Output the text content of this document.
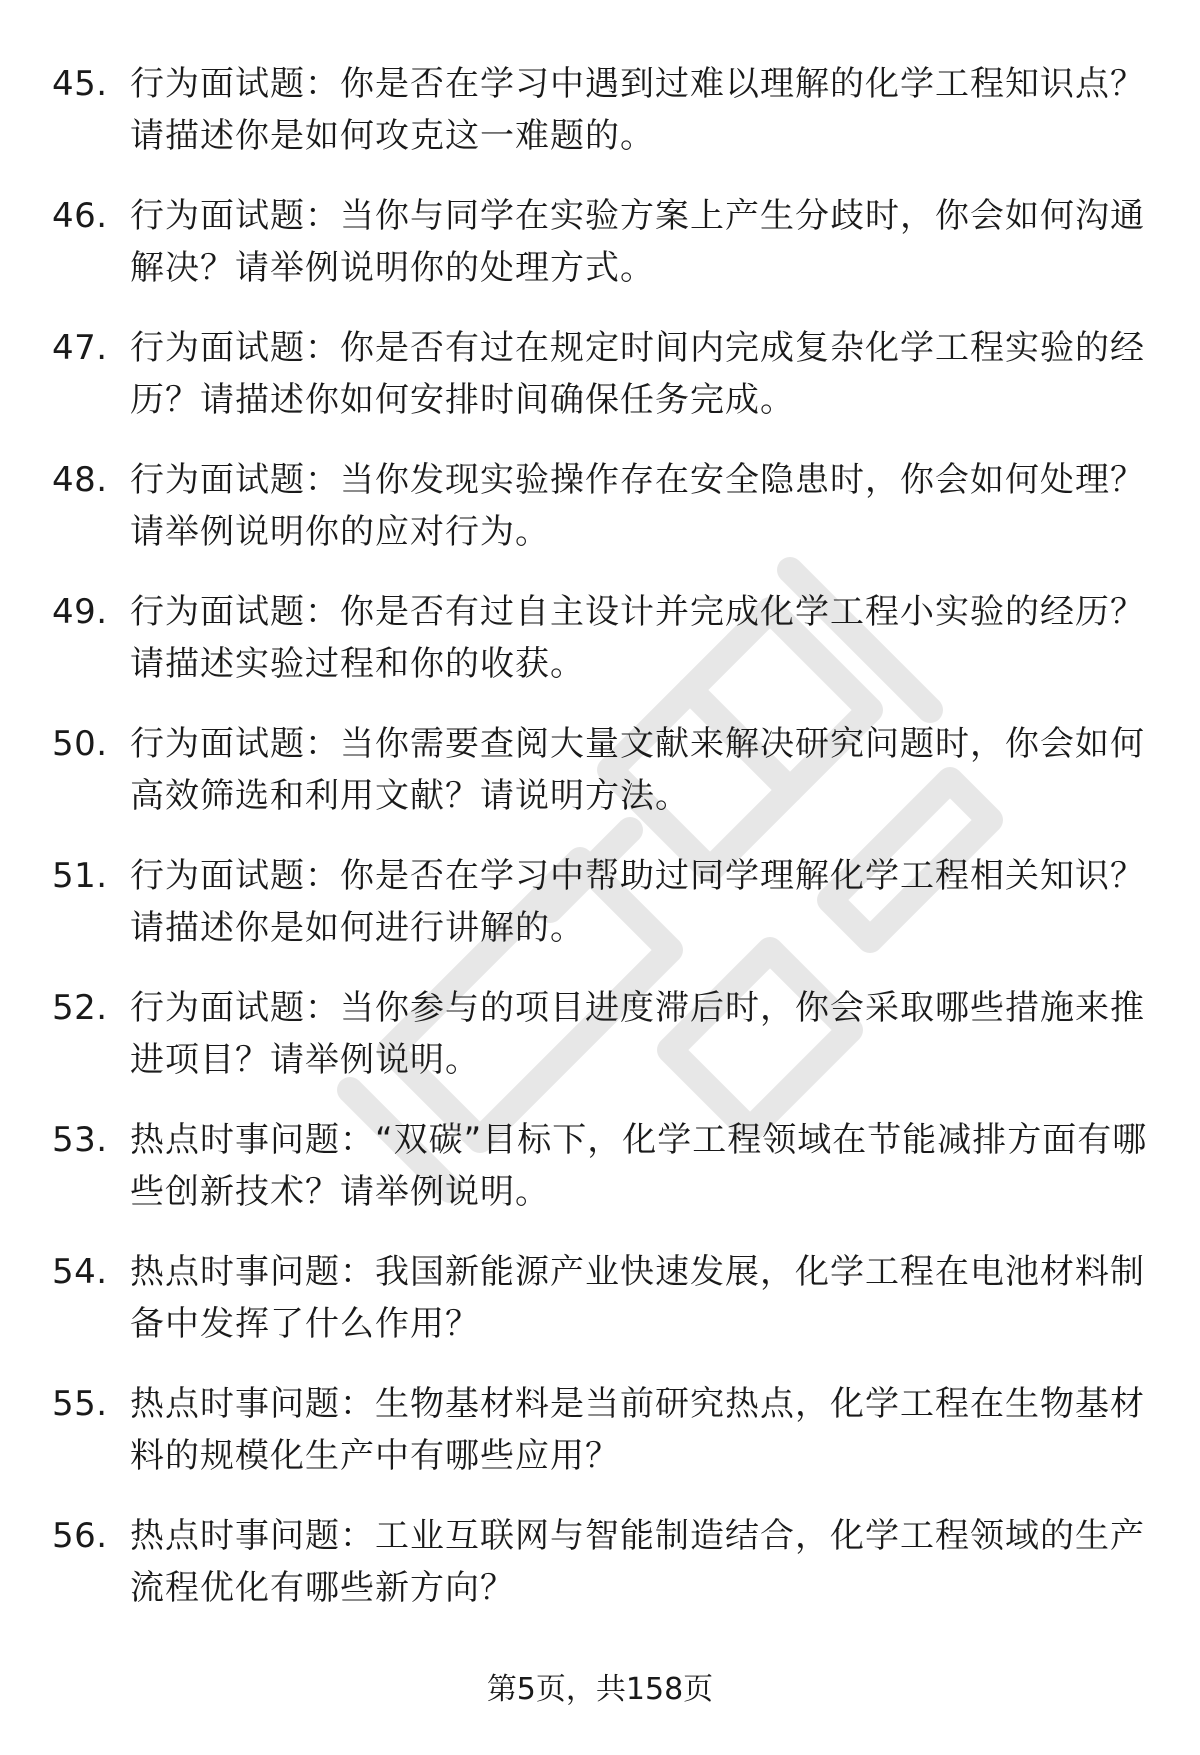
45. 行为面试题：你是否在学习中遇到过难以理解的化学工程知识点？请描述你是如何攻克这一难题的。
46. 行为面试题：当你与同学在实验方案上产生分歧时，你会如何沟通解决？请举例说明你的处理方式。
47. 行为面试题：你是否有过在规定时间内完成复杂化学工程实验的经历？请描述你如何安排时间确保任务完成。
48. 行为面试题：当你发现实验操作存在安全隐患时，你会如何处理？请举例说明你的应对行为。
49. 行为面试题：你是否有过自主设计并完成化学工程小实验的经历？请描述实验过程和你的收获。
50. 行为面试题：当你需要查阅大量文献来解决研究问题时，你会如何高效筛选和利用文献？请说明方法。
51. 行为面试题：你是否在学习中帮助过同学理解化学工程相关知识？请描述你是如何进行讲解的。
52. 行为面试题：当你参与的项目进度滞后时，你会采取哪些措施来推进项目？请举例说明。
53. 热点时事问题：“双碳”目标下，化学工程领域在节能减排方面有哪些创新技术？请举例说明。
54. 热点时事问题：我国新能源产业快速发展，化学工程在电池材料制备中发挥了什么作用？
55. 热点时事问题：生物基材料是当前研究热点，化学工程在生物基材料的规模化生产中有哪些应用？
56. 热点时事问题：工业互联网与智能制造结合，化学工程领域的生产流程优化有哪些新方向？
第5页，共158页
